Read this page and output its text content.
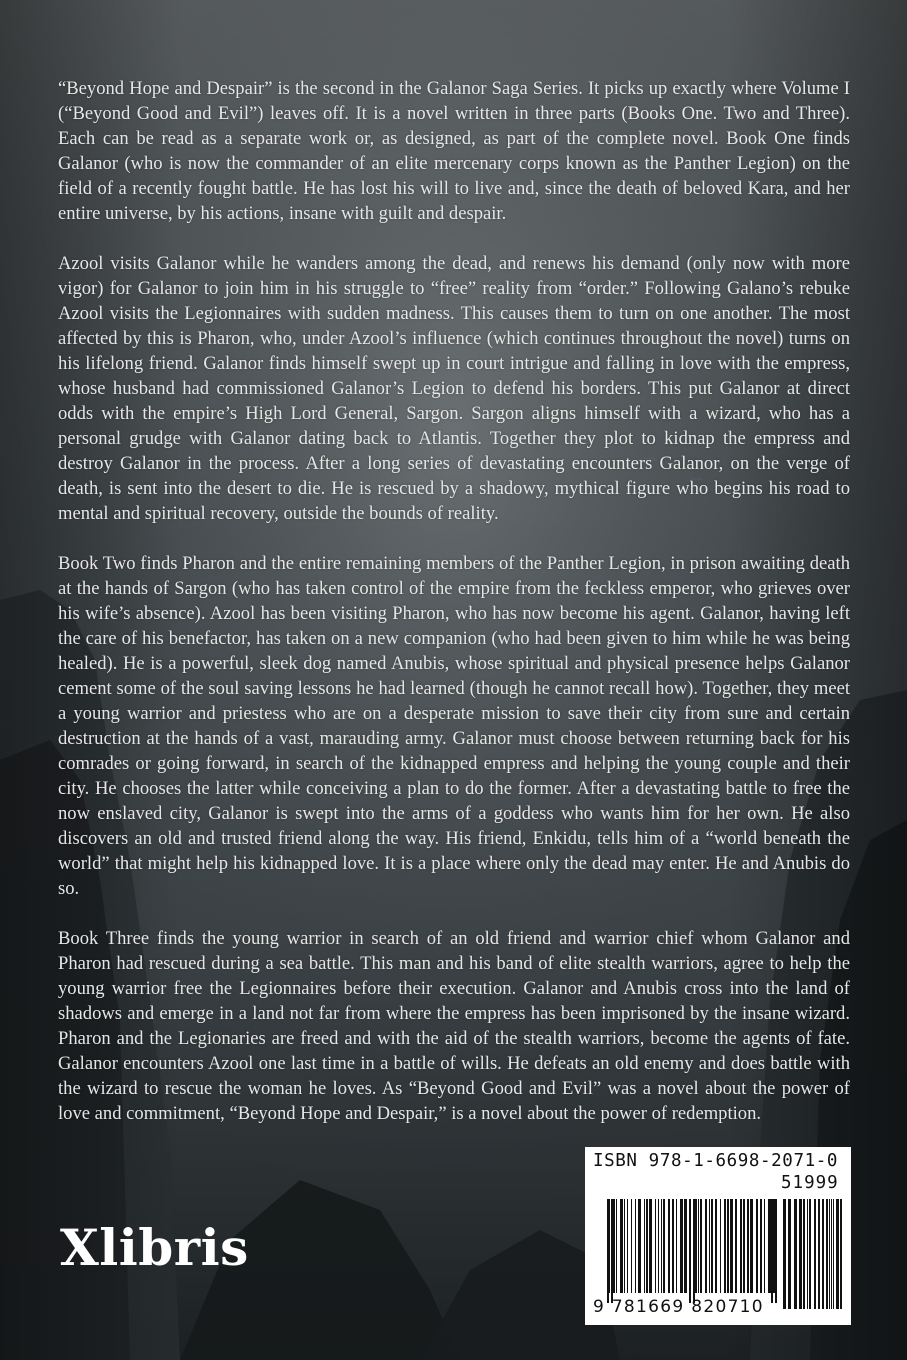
“Beyond Hope and Despair” is the second in the Galanor Saga Series. It picks up exactly where Volume I (“Beyond Good and Evil”) leaves off. It is a novel written in three parts (Books One. Two and Three). Each can be read as a separate work or, as designed, as part of the complete novel. Book One finds Galanor (who is now the commander of an elite mercenary corps known as the Panther Legion) on the field of a recently fought battle. He has lost his will to live and, since the death of beloved Kara, and her entire universe, by his actions, insane with guilt and despair.

Azool visits Galanor while he wanders among the dead, and renews his demand (only now with more vigor) for Galanor to join him in his struggle to “free” reality from “order.” Following Galano’s rebuke Azool visits the Legionnaires with sudden madness. This causes them to turn on one another. The most affected by this is Pharon, who, under Azool’s influence (which continues throughout the novel) turns on his lifelong friend. Galanor finds himself swept up in court intrigue and falling in love with the empress, whose husband had commissioned Galanor’s Legion to defend his borders. This put Galanor at direct odds with the empire’s High Lord General, Sargon. Sargon aligns himself with a wizard, who has a personal grudge with Galanor dating back to Atlantis. Together they plot to kidnap the empress and destroy Galanor in the process. After a long series of devastating encounters Galanor, on the verge of death, is sent into the desert to die. He is rescued by a shadowy, mythical figure who begins his road to mental and spiritual recovery, outside the bounds of reality.

Book Two finds Pharon and the entire remaining members of the Panther Legion, in prison awaiting death at the hands of Sargon (who has taken control of the empire from the feckless emperor, who grieves over his wife’s absence). Azool has been visiting Pharon, who has now become his agent. Galanor, having left the care of his benefactor, has taken on a new companion (who had been given to him while he was being healed). He is a powerful, sleek dog named Anubis, whose spiritual and physical presence helps Galanor cement some of the soul saving lessons he had learned (though he cannot recall how). Together, they meet a young warrior and priestess who are on a desperate mission to save their city from sure and certain destruction at the hands of a vast, marauding army. Galanor must choose between returning back for his comrades or going forward, in search of the kidnapped empress and helping the young couple and their city. He chooses the latter while conceiving a plan to do the former. After a devastating battle to free the now enslaved city, Galanor is swept into the arms of a goddess who wants him for her own. He also discovers an old and trusted friend along the way. His friend, Enkidu, tells him of a “world beneath the world” that might help his kidnapped love. It is a place where only the dead may enter. He and Anubis do so.

Book Three finds the young warrior in search of an old friend and warrior chief whom Galanor and Pharon had rescued during a sea battle. This man and his band of elite stealth warriors, agree to help the young warrior free the Legionnaires before their execution. Galanor and Anubis cross into the land of shadows and emerge in a land not far from where the empress has been imprisoned by the insane wizard. Pharon and the Legionaries are freed and with the aid of the stealth warriors, become the agents of fate. Galanor encounters Azool one last time in a battle of wills. He defeats an old enemy and does battle with the wizard to rescue the woman he loves. As “Beyond Good and Evil” was a novel about the power of love and commitment, “Beyond Hope and Despair,” is a novel about the power of redemption.

Xlibris
ISBN 978-1-6698-2071-0
51999
9 781669 820710
